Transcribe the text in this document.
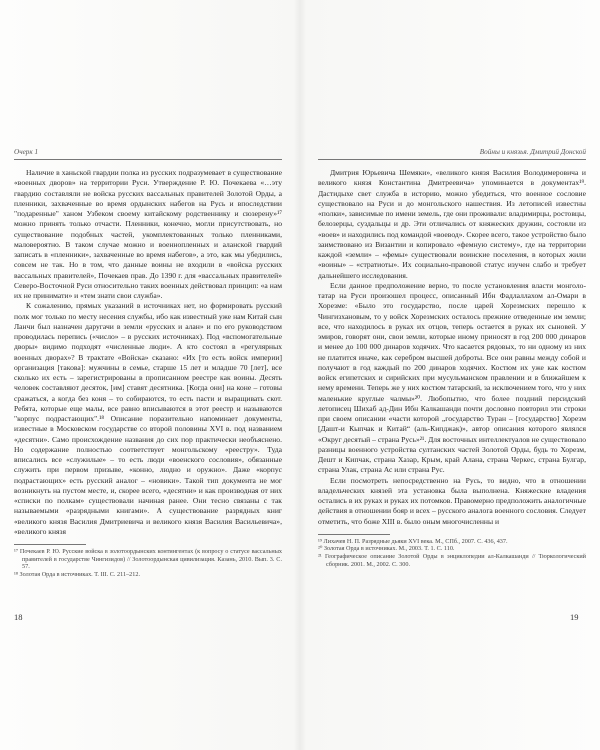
Очерк 1

Наличие в ханьской гвардии полка из русских подразумевает в существование «военных дворов» на территории Руси. Утверждение Р. Ю. Почекаева «…эту гвардию составляли не войска русских вассальных правителей Золотой Орды, а пленники, захваченные во время ордынских набегов на Русь и впоследствии "подаренные" ханом Узбеком своему китайскому родственнику и сюзерену»¹⁷ можно принять только отчасти. Пленники, конечно, могли присутствовать, но существование подобных частей, укомплектованных только пленниками, маловероятно. В таком случае можно и военнопленных и аланской гвардий записать в «пленники», захваченные во время набегов», а это, как мы убедились, совсем не так. Но в том, что данные воины не входили в «войска русских вассальных правителей», Почекаев прав. До 1390 г. для «вассальных правителей» Северо-Восточной Руси относительно таких военных действовал принцип: «а нам их не принимати» и «тем знати свои служба».

К сожалению, прямых указаний в источниках нет, но формировать русский полк мог только по месту несения службы, ибо как известный уже нам Китай сын Ланчи был назначен даругачи в земли «русских и алан» и по его руководством проводилась перепись («число» – в русских источниках). Под «вспомогательные дворы» видимо подходят «численные люди». А кто состоял в «регулярных военных дворах»? В трактате «Войска» сказано: «Их [то есть войск империи] организация [такова]: мужчины в семье, старше 15 лет и младше 70 [лет], все сколько их есть – зарегистрированы в прописанном реестре как воины. Десять человек составляют десяток, [им] ставят десятника. [Когда они] на коне – готовы сражаться, а когда без коня – то собираются, то есть пасти и выращивать скот. Ребята, которые еще малы, все равно вписываются в этот реестр и называются "корпус подрастающих".¹⁸ Описание поразительно напоминает документы, известные в Московском государстве со второй половины XVI в. под названием «десятни». Само происхождение названия до сих пор практически необъяснено. Но содержание полностью соответствует монгольскому «реестру». Туда вписались все «служилые» – то есть люди «военского сословия», обязанные служить при первом призыве, «конно, людно и оружно». Даже «корпус подрастающих» есть русский аналог – «новики». Такой тип документа не мог возникнуть на пустом месте, и, скорее всего, «десятни» и как производная от них «списки по полкам» существовали начиная ранее. Они тесно связаны с так называемыми «разрядными книгами». А существование разрядных книг «великого князя Василия Дмитриевича и великого князя Василия Васильевича», «великого князя

¹⁷ Почекаев Р. Ю. Русские войска в золотоордынских контингентах (к вопросу о статусе вассальных правителей в государстве Чингизидов) // Золотоордынская цивилизация. Казань, 2010. Вып. 3. С. 57.

¹⁸ Золотая Орда в источниках. Т. III. С. 211–212.

Войны и князья. Дмитрий Донской

Дмитрия Юрьевича Шемяки», «великого князя Василия Володимеровича и великого князя Константина Дмитреевича» упоминается в документах¹⁹. Дастидыхе свет служба в историю, можно убедиться, что военное сословие существовало на Руси и до монгольского нашествия. Из летописей известны «полки», зависимые по имени земель, где они проживали: владимирцы, ростовцы, белозерцы, суздальцы и др. Эти отличались от княжеских дружин, состояли из «воев» и находились под командой «воевод». Скорее всего, такое устройство было заимствовано из Византии и копировало «фемную систему», где на территории каждой «земли» – «фемы» существовали воинские поселения, в которых жили «воины» – «стратиоты». Их социально-правовой статус изучен слабо и требует дальнейшего исследования.

Если данное предположение верно, то после установления власти монголо-татар на Руси произошел процесс, описанный Ибн Фадлаллахом ал-Омари в Хорезме: «Было это государство, после царей Хорезмских перешло к Чингизхановым, то у войск Хорезмских осталось прежние отведенные им земли; все, что находилось в руках их отцов, теперь остается в руках их сыновей. У эмиров, говорят они, свои земли, которые иному приносят в год 200 000 динаров и менее до 100 000 динаров ходячих. Что касается рядовых, то ни одному из них не платится иначе, как серебром высшей доброты. Все они равны между собой и получают в год каждый по 200 динаров ходячих. Костюм их уже как костюм войск египетских и сирийских при мусульманском правлении и в ближайшем к нему времени. Теперь же у них костюм татарский, за исключением того, что у них маленькие круглые чалмы»²⁰. Любопытно, что более поздний персидский летописец Шихаб ад-Дин Ибн Калкашанди почти дословно повторил эти строки при своем описании «части которой „государство Туран – [государство] Хорезм [Дашт-и Кыпчак и Китай“ (аль-Кипджак)», автор описания которого являлся «Округ десятый – страна Русь»²¹. Для восточных интеллектуалов не существовало разницы военного устройства султанских частей Золотой Орды, будь то Хорезм, Дешт и Кипчак, страна Хазар, Крым, край Алана, страна Черкес, страна Булгар, страна Улак, страна Ас или страна Рус.

Если посмотреть непосредственно на Русь, то видно, что в отношении владельческих князей эта установка была выполнена. Княжеские владения остались в их руках и руках их потомков. Правомерно предположить аналогичные действия в отношении бояр и всех – русского аналога военного сословия. Следует отметить, что боже XIII в. было оным многочисленны и

¹⁹ Лихачев Н. П. Разрядные дьяки XVI века. М., СПб., 2007. С. 436, 437.

²⁰ Золотая Орда в источниках. М., 2003. Т. 1. С. 110.

²¹ Географическое описание Золотой Орды в энциклопедии ал-Калкашанди // Тюркологический сборник. 2001. М., 2002. С. 300.

18	19
